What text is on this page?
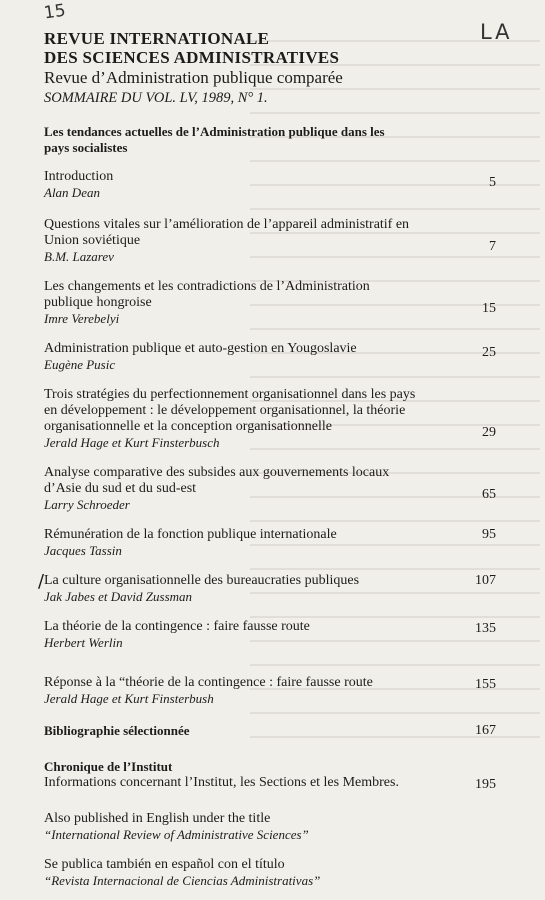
15
LA
REVUE INTERNATIONALE
DES SCIENCES ADMINISTRATIVES
Revue d’Administration publique comparée
SOMMAIRE DU VOL. LV, 1989, N° 1.
Les tendances actuelles de l’Administration publique dans les
pays socialistes
Introduction
Alan Dean
5
Questions vitales sur l’amélioration de l’appareil administratif en
Union soviétique
B.M. Lazarev
7
Les changements et les contradictions de l’Administration
publique hongroise
Imre Verebelyi
15
Administration publique et auto-gestion en Yougoslavie
Eugène Pusic
25
Trois stratégies du perfectionnement organisationnel dans les pays
en développement : le développement organisationnel, la théorie
organisationnelle et la conception organisationnelle
Jerald Hage et Kurt Finsterbusch
29
Analyse comparative des subsides aux gouvernements locaux
d’Asie du sud et du sud-est
Larry Schroeder
65
Rémunération de la fonction publique internationale
Jacques Tassin
95
/ La culture organisationnelle des bureaucraties publiques
Jak Jabes et David Zussman
107
La théorie de la contingence : faire fausse route
Herbert Werlin
135
Réponse à la “théorie de la contingence : faire fausse route
Jerald Hage et Kurt Finsterbush
155
Bibliographie sélectionnée	167
Chronique de l’Institut
Informations concernant l’Institut, les Sections et les Membres.	195
Also published in English under the title
“International Review of Administrative Sciences”
Se publica también en español con el título
“Revista Internacional de Ciencias Administrativas”
